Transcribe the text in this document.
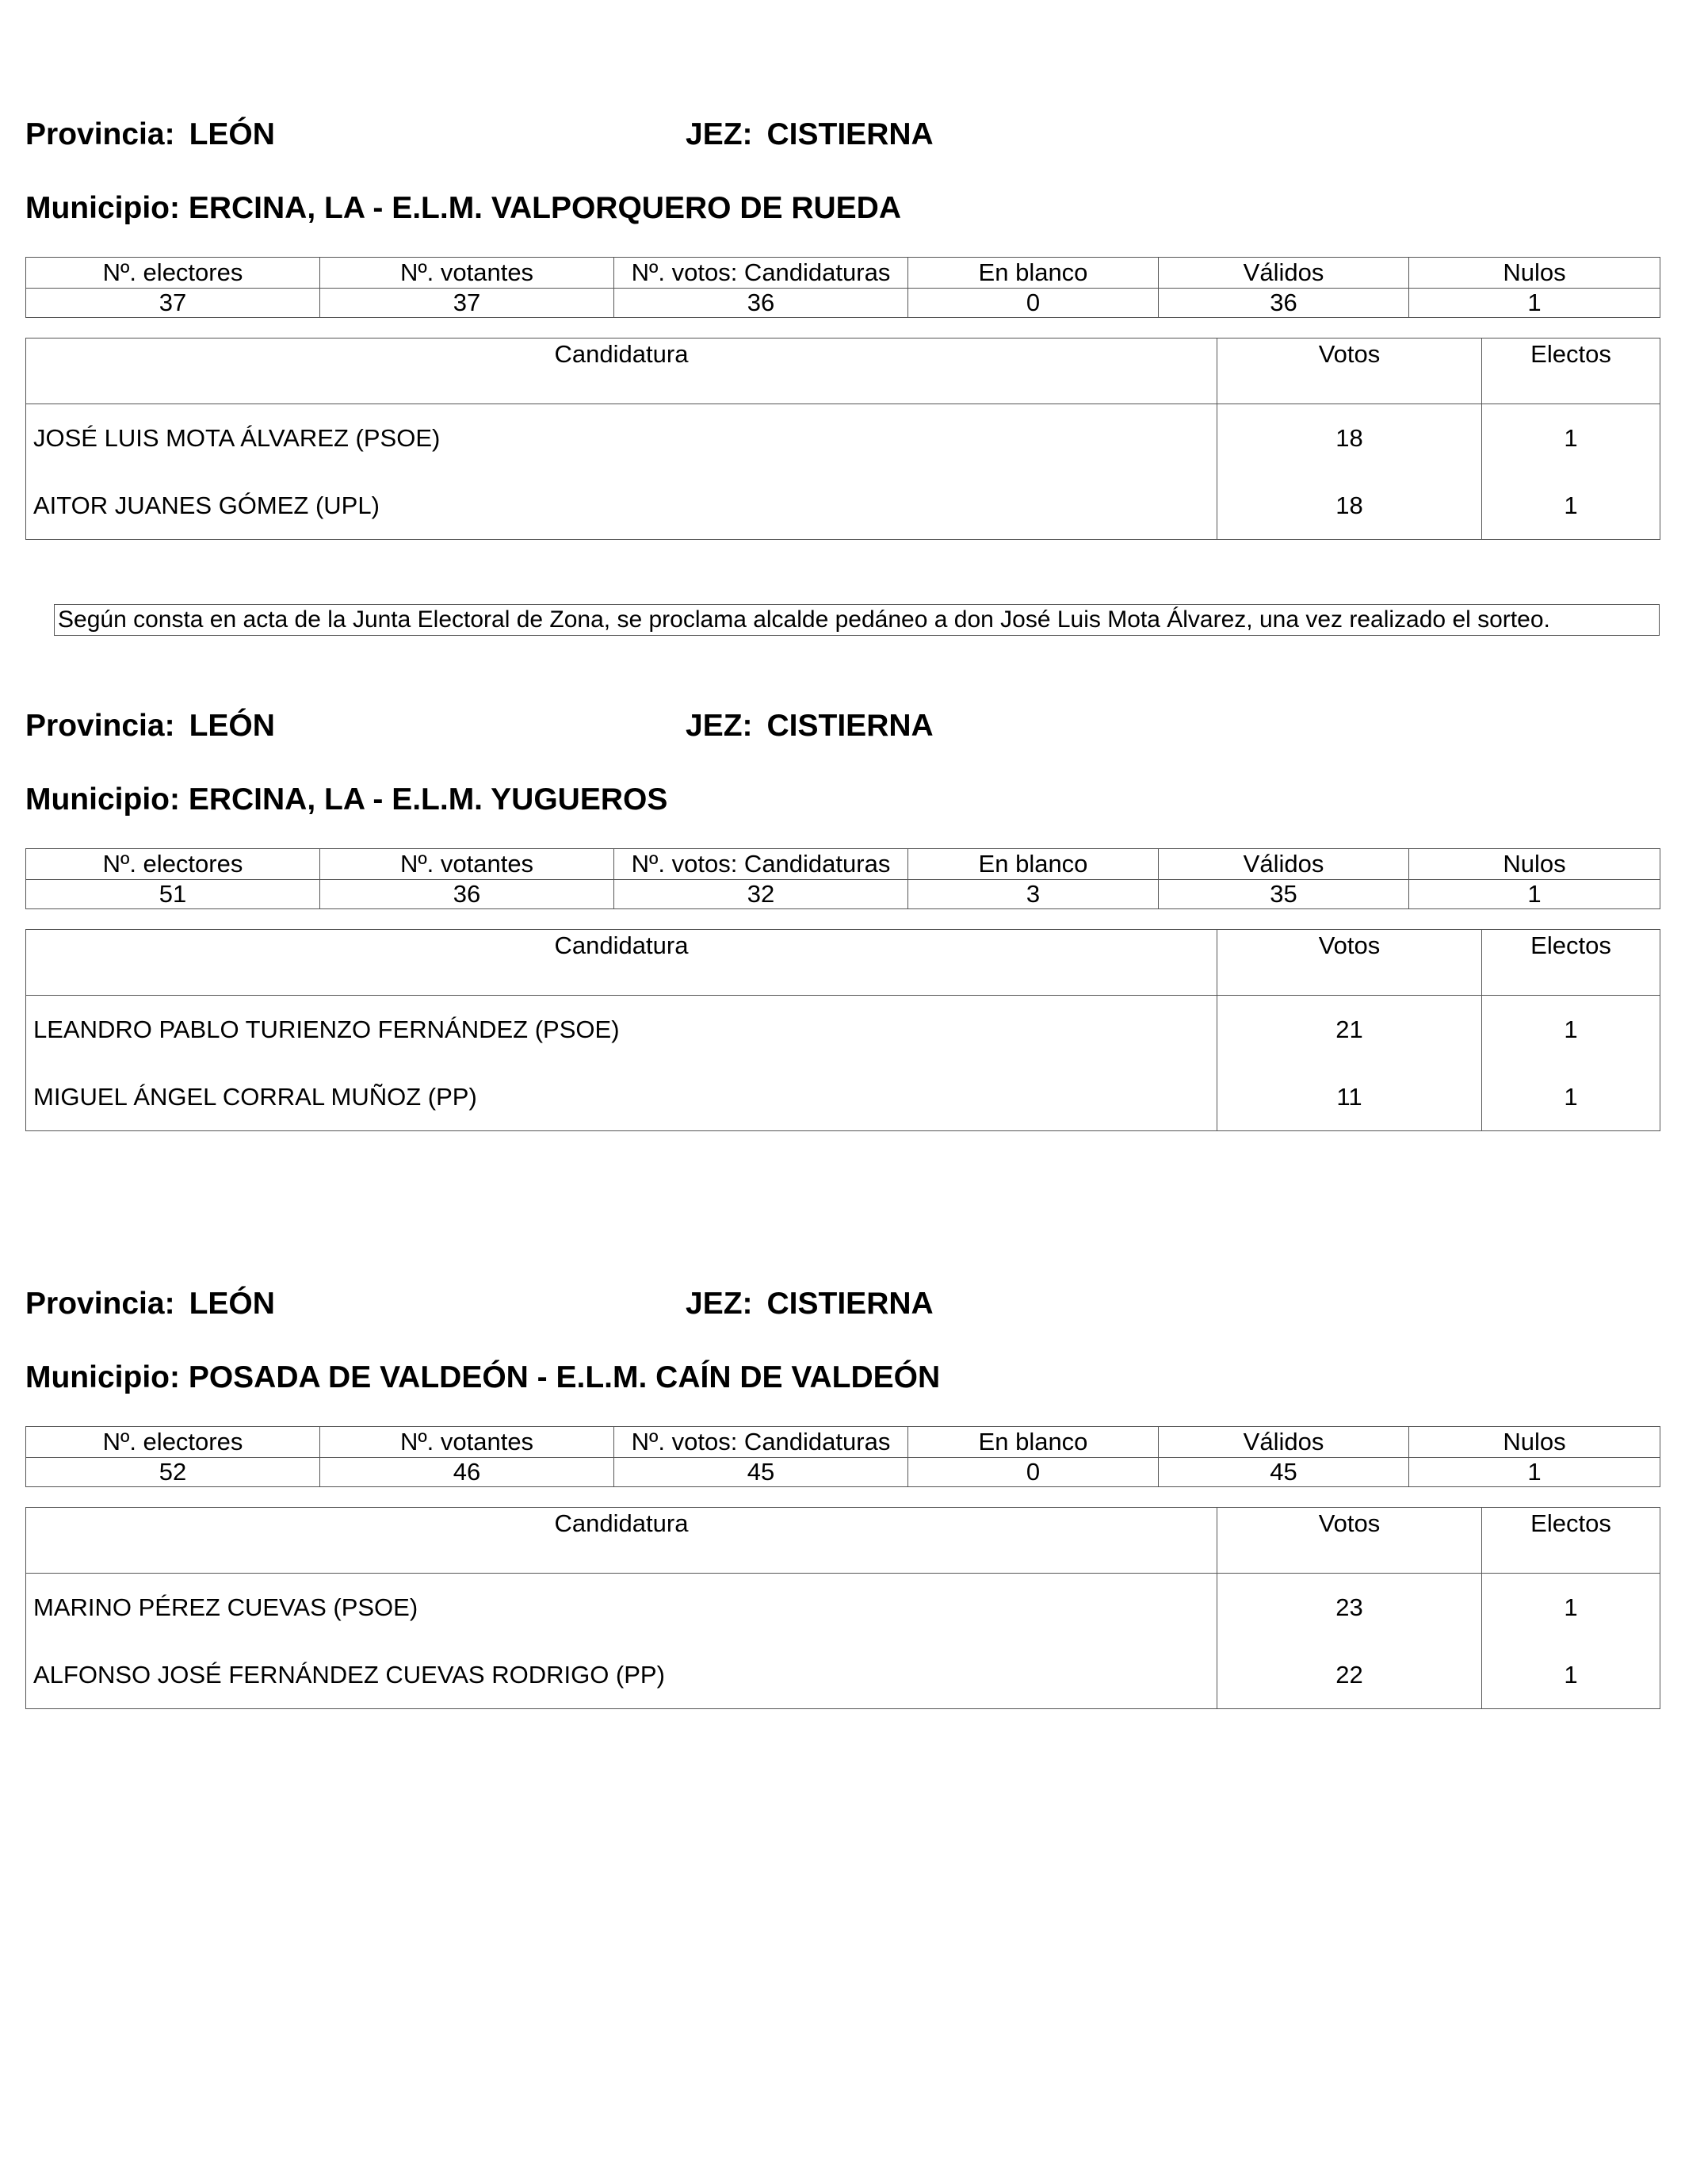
Provincia: LEÓN	JEZ: CISTIERNA
Municipio: ERCINA, LA - E.L.M. VALPORQUERO DE RUEDA
Nº. electores	Nº. votantes	Nº. votos: Candidaturas	En blanco	Válidos	Nulos
37	37	36	0	36	1
Candidatura	Votos	Electos
JOSÉ LUIS MOTA ÁLVAREZ (PSOE)	18	1
AITOR JUANES GÓMEZ (UPL)	18	1
Según consta en acta de la Junta Electoral de Zona, se proclama alcalde pedáneo a don José Luis Mota Álvarez, una vez realizado el sorteo.
Provincia: LEÓN	JEZ: CISTIERNA
Municipio: ERCINA, LA - E.L.M. YUGUEROS
Nº. electores	Nº. votantes	Nº. votos: Candidaturas	En blanco	Válidos	Nulos
51	36	32	3	35	1
Candidatura	Votos	Electos
LEANDRO PABLO TURIENZO FERNÁNDEZ (PSOE)	21	1
MIGUEL ÁNGEL CORRAL MUÑOZ (PP)	11	1
Provincia: LEÓN	JEZ: CISTIERNA
Municipio: POSADA DE VALDEÓN - E.L.M. CAÍN DE VALDEÓN
Nº. electores	Nº. votantes	Nº. votos: Candidaturas	En blanco	Válidos	Nulos
52	46	45	0	45	1
Candidatura	Votos	Electos
MARINO PÉREZ CUEVAS (PSOE)	23	1
ALFONSO JOSÉ FERNÁNDEZ CUEVAS RODRIGO (PP)	22	1
